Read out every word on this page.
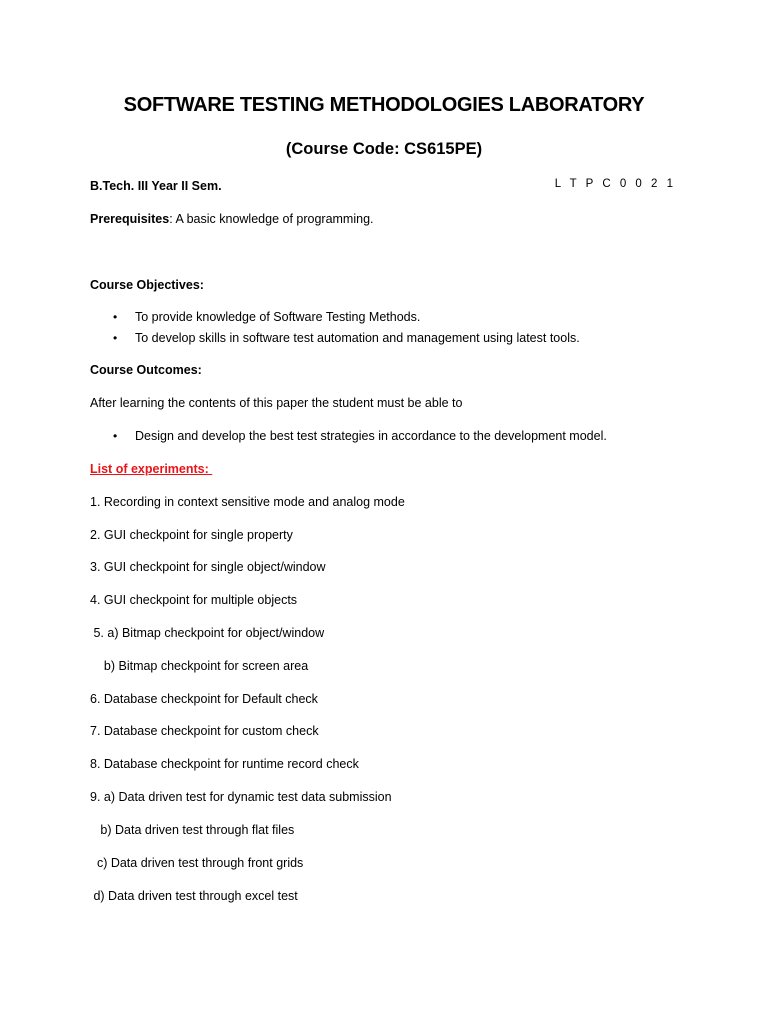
SOFTWARE TESTING METHODOLOGIES LABORATORY
(Course Code: CS615PE)
B.Tech. III Year II Sem.	L T P C 0 0 2 1
Prerequisites: A basic knowledge of programming.
Course Objectives:
• To provide knowledge of Software Testing Methods.
• To develop skills in software test automation and management using latest tools.
Course Outcomes:
After learning the contents of this paper the student must be able to
• Design and develop the best test strategies in accordance to the development model.
List of experiments:
1. Recording in context sensitive mode and analog mode
2. GUI checkpoint for single property
3. GUI checkpoint for single object/window
4. GUI checkpoint for multiple objects
5. a) Bitmap checkpoint for object/window
b) Bitmap checkpoint for screen area
6. Database checkpoint for Default check
7. Database checkpoint for custom check
8. Database checkpoint for runtime record check
9. a) Data driven test for dynamic test data submission
b) Data driven test through flat files
c) Data driven test through front grids
d) Data driven test through excel test
